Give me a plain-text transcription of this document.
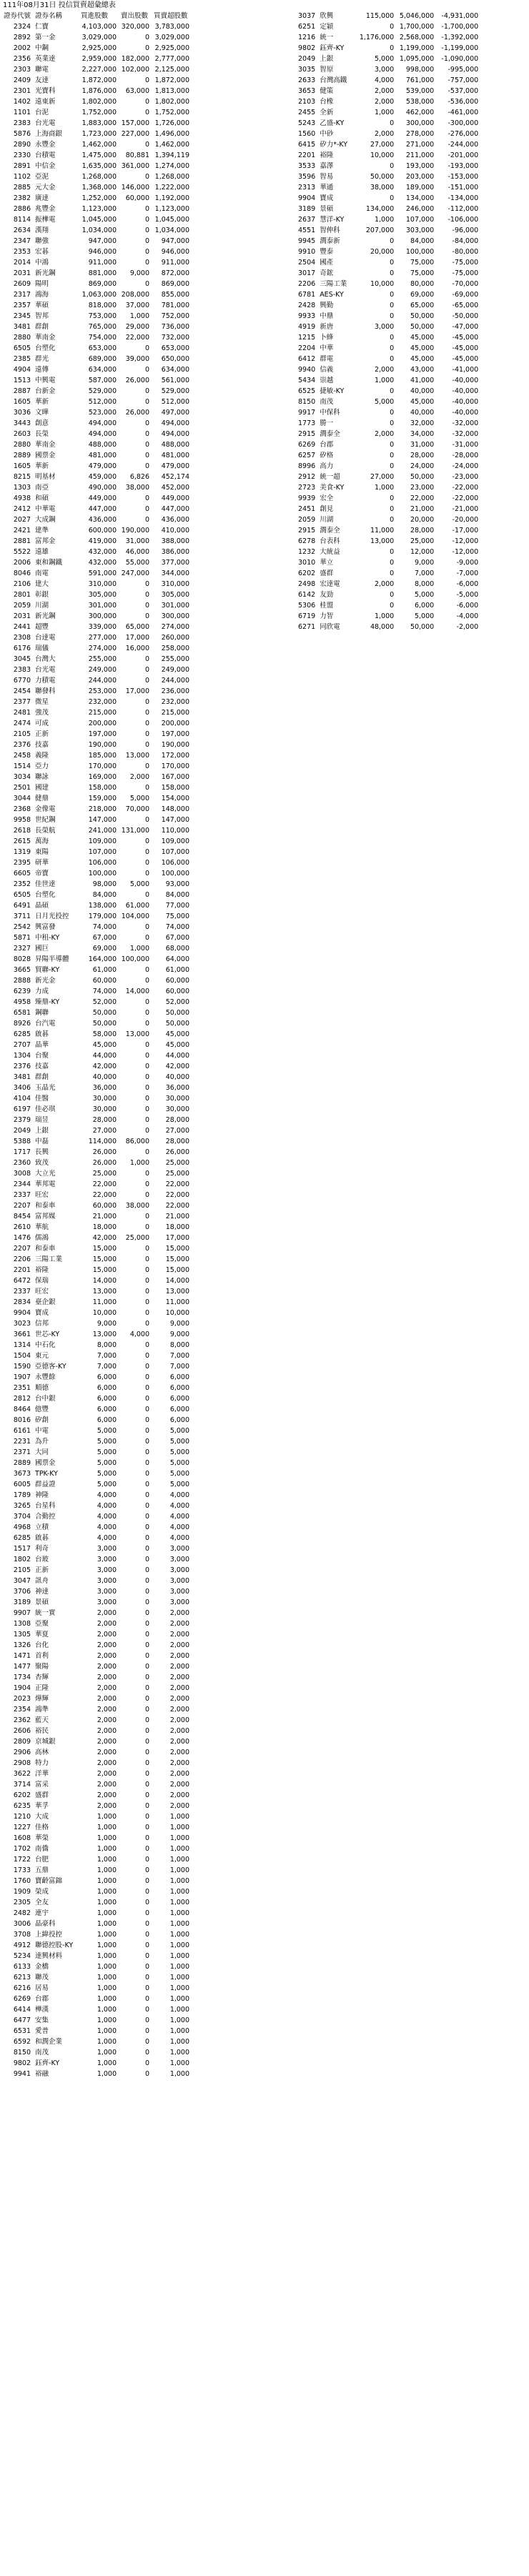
111年08月31日 投信買賣超彙總表
證券代號	證券名稱	買進股數	賣出股數	買賣超股數
2324	仁寶	4,103,000	320,000	3,783,000
2892	第一金	3,029,000	0	3,029,000
2002	中鋼	2,925,000	0	2,925,000
2356	英業達	2,959,000	182,000	2,777,000
2303	聯電	2,227,000	102,000	2,125,000
2409	友達	1,872,000	0	1,872,000
2301	光寶科	1,876,000	63,000	1,813,000
1402	遠東新	1,802,000	0	1,802,000
1101	台泥	1,752,000	0	1,752,000
2383	台光電	1,883,000	157,000	1,726,000
5876	上海商銀	1,723,000	227,000	1,496,000
2890	永豐金	1,462,000	0	1,462,000
2330	台積電	1,475,000	80,881	1,394,119
2891	中信金	1,635,000	361,000	1,274,000
1102	亞泥	1,268,000	0	1,268,000
2885	元大金	1,368,000	146,000	1,222,000
2382	廣達	1,252,000	60,000	1,192,000
2886	兆豐金	1,123,000	0	1,123,000
8114	振樺電	1,045,000	0	1,045,000
2634	漢翔	1,034,000	0	1,034,000
2347	聯強	947,000	0	947,000
2353	宏碁	946,000	0	946,000
2014	中鴻	911,000	0	911,000
2031	新光鋼	881,000	9,000	872,000
2609	陽明	869,000	0	869,000
2317	鴻海	1,063,000	208,000	855,000
2357	華碩	818,000	37,000	781,000
2345	智邦	753,000	1,000	752,000
3481	群創	765,000	29,000	736,000
2880	華南金	754,000	22,000	732,000
6505	台塑化	653,000	0	653,000
2385	群光	689,000	39,000	650,000
4904	遠傳	634,000	0	634,000
1513	中興電	587,000	26,000	561,000
2887	台新金	529,000	0	529,000
1605	華新	512,000	0	512,000
3036	文曄	523,000	26,000	497,000
3443	創意	494,000	0	494,000
2603	長榮	494,000	0	494,000
2880	華南金	488,000	0	488,000
2889	國票金	481,000	0	481,000
1605	華新	479,000	0	479,000
8215	明基材	459,000	6,826	452,174
1303	南亞	490,000	38,000	452,000
4938	和碩	449,000	0	449,000
2412	中華電	447,000	0	447,000
2027	大成鋼	436,000	0	436,000
2421	建準	600,000	190,000	410,000
2881	富邦金	419,000	31,000	388,000
5522	遠雄	432,000	46,000	386,000
2006	東和鋼鐵	432,000	55,000	377,000
8046	南電	591,000	247,000	344,000
2106	建大	310,000	0	310,000
2801	彰銀	305,000	0	305,000
2059	川湖	301,000	0	301,000
2031	新光鋼	300,000	0	300,000
2441	超豐	339,000	65,000	274,000
2308	台達電	277,000	17,000	260,000
6176	瑞儀	274,000	16,000	258,000
3045	台灣大	255,000	0	255,000
2383	台光電	249,000	0	249,000
6770	力積電	244,000	0	244,000
2454	聯發科	253,000	17,000	236,000
2377	微星	232,000	0	232,000
2481	強茂	215,000	0	215,000
2474	可成	200,000	0	200,000
2105	正新	197,000	0	197,000
2376	技嘉	190,000	0	190,000
2458	義隆	185,000	13,000	172,000
1514	亞力	170,000	0	170,000
3034	聯詠	169,000	2,000	167,000
2501	國建	158,000	0	158,000
3044	健鼎	159,000	5,000	154,000
2368	金像電	218,000	70,000	148,000
9958	世紀鋼	147,000	0	147,000
2618	長榮航	241,000	131,000	110,000
2615	萬海	109,000	0	109,000
1319	東陽	107,000	0	107,000
2395	研華	106,000	0	106,000
6605	帝寶	100,000	0	100,000
2352	佳世達	98,000	5,000	93,000
6505	台塑化	84,000	0	84,000
6491	晶碩	138,000	61,000	77,000
3711	日月光投控	179,000	104,000	75,000
2542	興富發	74,000	0	74,000
5871	中租-KY	67,000	0	67,000
2327	國巨	69,000	1,000	68,000
8028	昇陽半導體	164,000	100,000	64,000
3665	貿聯-KY	61,000	0	61,000
2888	新光金	60,000	0	60,000
6239	力成	74,000	14,000	60,000
4958	臻鼎-KY	52,000	0	52,000
6581	鋼聯	50,000	0	50,000
8926	台汽電	50,000	0	50,000
6285	啟碁	58,000	13,000	45,000
2707	晶華	45,000	0	45,000
1304	台聚	44,000	0	44,000
2376	技嘉	42,000	0	42,000
3481	群創	40,000	0	40,000
3406	玉晶光	36,000	0	36,000
4104	佳醫	30,000	0	30,000
6197	佳必琪	30,000	0	30,000
2379	瑞昱	28,000	0	28,000
2049	上銀	27,000	0	27,000
5388	中磊	114,000	86,000	28,000
1717	長興	26,000	0	26,000
2360	致茂	26,000	1,000	25,000
3008	大立光	25,000	0	25,000
2344	華邦電	22,000	0	22,000
2337	旺宏	22,000	0	22,000
2207	和泰車	60,000	38,000	22,000
8454	富邦媒	21,000	0	21,000
2610	華航	18,000	0	18,000
1476	儒鴻	42,000	25,000	17,000
2207	和泰車	15,000	0	15,000
2206	三陽工業	15,000	0	15,000
2201	裕隆	15,000	0	15,000
6472	保瑞	14,000	0	14,000
2337	旺宏	13,000	0	13,000
2834	臺企銀	11,000	0	11,000
9904	寶成	10,000	0	10,000
3023	信邦	9,000	0	9,000
3661	世芯-KY	13,000	4,000	9,000
1314	中石化	8,000	0	8,000
1504	東元	7,000	0	7,000
1590	亞德客-KY	7,000	0	7,000
1907	永豐餘	6,000	0	6,000
2351	順德	6,000	0	6,000
2812	台中銀	6,000	0	6,000
8464	億豐	6,000	0	6,000
8016	矽創	6,000	0	6,000
6161	中電	5,000	0	5,000
2231	為升	5,000	0	5,000
2371	大同	5,000	0	5,000
2889	國票金	5,000	0	5,000
3673	TPK-KY	5,000	0	5,000
6005	群益證	5,000	0	5,000
1789	神隆	4,000	0	4,000
3265	台星科	4,000	0	4,000
3704	合勤控	4,000	0	4,000
4968	立積	4,000	0	4,000
6285	啟碁	4,000	0	4,000
1517	利奇	3,000	0	3,000
1802	台玻	3,000	0	3,000
2105	正新	3,000	0	3,000
3047	訊舟	3,000	0	3,000
3706	神達	3,000	0	3,000
3189	景碩	3,000	0	3,000
9907	統一實	2,000	0	2,000
1308	亞聚	2,000	0	2,000
1305	華夏	2,000	0	2,000
1326	台化	2,000	0	2,000
1471	首利	2,000	0	2,000
1477	聚陽	2,000	0	2,000
1734	杏輝	2,000	0	2,000
1904	正隆	2,000	0	2,000
2023	燁輝	2,000	0	2,000
2354	鴻準	2,000	0	2,000
2362	藍天	2,000	0	2,000
2606	裕民	2,000	0	2,000
2809	京城銀	2,000	0	2,000
2906	高林	2,000	0	2,000
2908	特力	2,000	0	2,000
3622	洋華	2,000	0	2,000
3714	富采	2,000	0	2,000
6202	盛群	2,000	0	2,000
6235	華孚	2,000	0	2,000
1210	大成	1,000	0	1,000
1227	佳格	1,000	0	1,000
1608	華榮	1,000	0	1,000
1702	南僑	1,000	0	1,000
1722	台肥	1,000	0	1,000
1733	五鼎	1,000	0	1,000
1760	寶齡富錦	1,000	0	1,000
1909	榮成	1,000	0	1,000
2305	全友	1,000	0	1,000
2482	連宇	1,000	0	1,000
3006	晶豪科	1,000	0	1,000
3708	上緯投控	1,000	0	1,000
4912	聯德控股-KY	1,000	0	1,000
5234	達興材料	1,000	0	1,000
6133	金橋	1,000	0	1,000
6213	聯茂	1,000	0	1,000
6216	居易	1,000	0	1,000
6269	台郡	1,000	0	1,000
6414	樺漢	1,000	0	1,000
6477	安集	1,000	0	1,000
6531	愛普	1,000	0	1,000
6592	和潤企業	1,000	0	1,000
8150	南茂	1,000	0	1,000
9802	鈺齊-KY	1,000	0	1,000
9941	裕融	1,000	0	1,000
3037	欣興	115,000	5,046,000	-4,931,000
6251	定穎	0	1,700,000	-1,700,000
1216	統一	1,176,000	2,568,000	-1,392,000
9802	鈺齊-KY	0	1,199,000	-1,199,000
2049	上銀	5,000	1,095,000	-1,090,000
3035	智原	3,000	998,000	-995,000
2633	台灣高鐵	4,000	761,000	-757,000
3653	健策	2,000	539,000	-537,000
2103	台橡	2,000	538,000	-536,000
2455	全新	1,000	462,000	-461,000
5243	乙盛-KY	0	300,000	-300,000
1560	中砂	2,000	278,000	-276,000
6415	矽力*-KY	27,000	271,000	-244,000
2201	裕隆	10,000	211,000	-201,000
3533	嘉澤	0	193,000	-193,000
3596	智易	50,000	203,000	-153,000
2313	華通	38,000	189,000	-151,000
9904	寶成	0	134,000	-134,000
3189	景碩	134,000	246,000	-112,000
2637	慧洋-KY	1,000	107,000	-106,000
4551	智伸科	207,000	303,000	-96,000
9945	潤泰新	0	84,000	-84,000
9910	豐泰	20,000	100,000	-80,000
2504	國產	0	75,000	-75,000
3017	奇鋐	0	75,000	-75,000
2206	三陽工業	10,000	80,000	-70,000
6781	AES-KY	0	69,000	-69,000
2428	興勤	0	65,000	-65,000
9933	中鼎	0	50,000	-50,000
4919	新唐	3,000	50,000	-47,000
1215	卜蜂	0	45,000	-45,000
2204	中華	0	45,000	-45,000
6412	群電	0	45,000	-45,000
9940	信義	2,000	43,000	-41,000
5434	崇越	1,000	41,000	-40,000
6525	捷敏-KY	0	40,000	-40,000
8150	南茂	5,000	45,000	-40,000
9917	中保科	0	40,000	-40,000
1773	勝一	0	32,000	-32,000
2915	潤泰全	2,000	34,000	-32,000
6269	台郡	0	31,000	-31,000
6257	矽格	0	28,000	-28,000
8996	高力	0	24,000	-24,000
2912	統一超	27,000	50,000	-23,000
2723	美食-KY	1,000	23,000	-22,000
9939	宏全	0	22,000	-22,000
2451	創見	0	21,000	-21,000
2059	川湖	0	20,000	-20,000
2915	潤泰全	11,000	28,000	-17,000
6278	台表科	13,000	25,000	-12,000
1232	大統益	0	12,000	-12,000
3010	華立	0	9,000	-9,000
6202	盛群	0	7,000	-7,000
2498	宏達電	2,000	8,000	-6,000
6142	友勁	0	5,000	-5,000
5306	桂盟	0	6,000	-6,000
6719	力智	1,000	5,000	-4,000
6271	同欣電	48,000	50,000	-2,000
